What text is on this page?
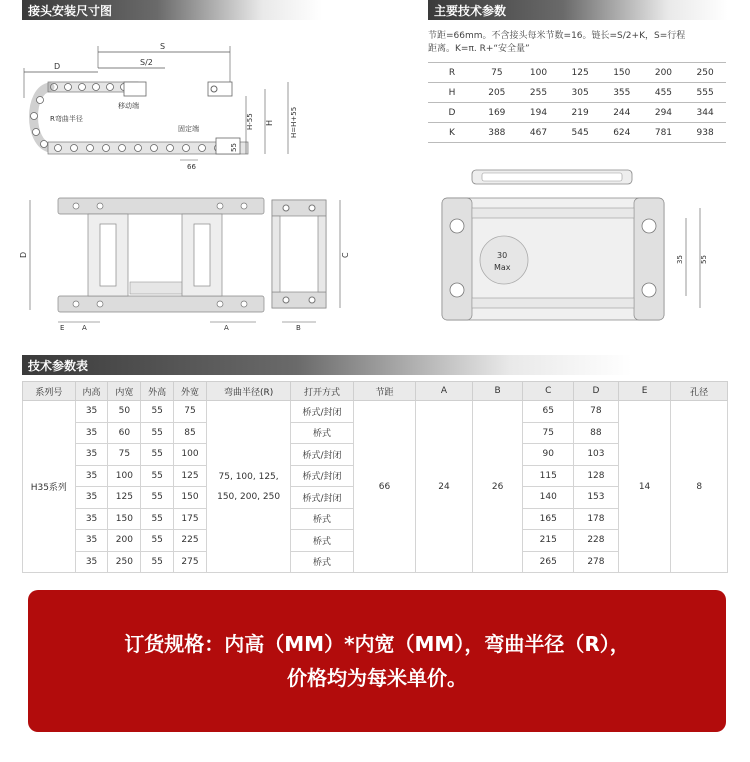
接头安装尺寸图	主要技术参数
技术参数表
S
S/2
D
移动端
R弯曲半径
固定端
66
H-55 H H=H+55
55
节距=66mm。不含接头每米节数=16。链长=S/2+K，S=行程
距离。K=π. R+“安全量”
R	75	100	125	150	200	250
H	205	255	305	355	455	555
D	169	194	219	244	294	344
K	388	467	545	624	781	938
D	C
E	A	A	B
30
Max
35 55
系列号	内高	内宽	外高	外宽	弯曲半径(R)	打开方式	节距	A	B	C	D	E	孔径
H35系列	35	50	55	75	75, 100, 125,
150, 200, 250	桥式/封闭	66	24	26	65	78	14	8
	35	60	55	85		桥式				75	88		
	35	75	55	100		桥式/封闭				90	103		
	35	100	55	125		桥式/封闭				115	128		
	35	125	55	150		桥式/封闭				140	153		
	35	150	55	175		桥式				165	178		
	35	200	55	225		桥式				215	228		
	35	250	55	275		桥式				265	278		
订货规格：内高（MM）*内宽（MM），弯曲半径（R），
价格均为每米单价。
